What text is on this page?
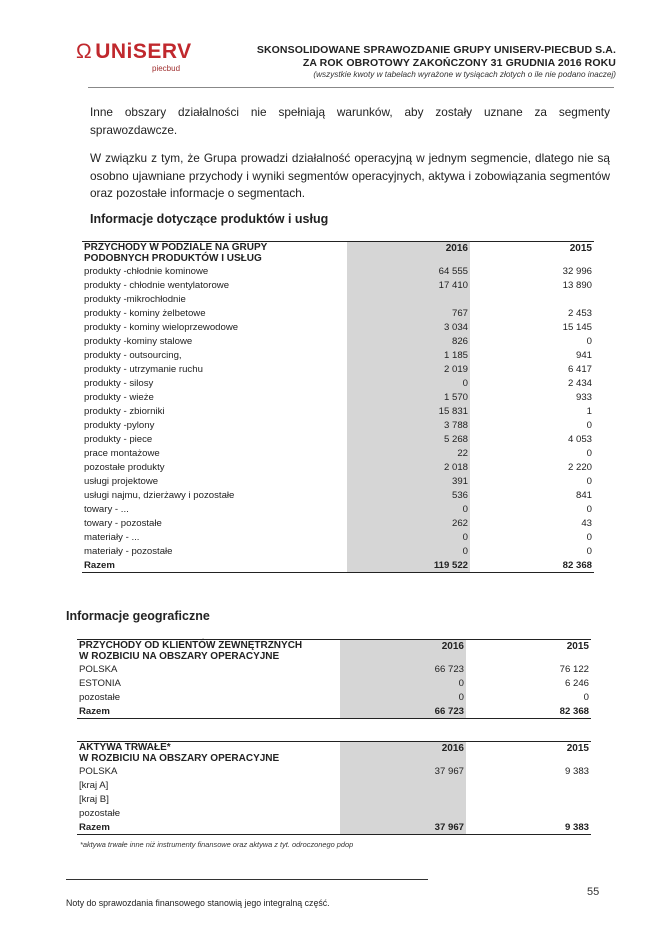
Ω UNiSERV
piecbud
SKONSOLIDOWANE SPRAWOZDANIE GRUPY UNISERV-PIECBUD S.A.
ZA ROK OBROTOWY ZAKOŃCZONY 31 GRUDNIA 2016 ROKU
(wszystkie kwoty w tabelach wyrażone w tysiącach złotych o ile nie podano inaczej)
Inne obszary działalności nie spełniają warunków, aby zostały uznane za segmenty sprawozdawcze.
W związku z tym, że Grupa prowadzi działalność operacyjną w jednym segmencie, dlatego nie są osobno ujawniane przychody i wyniki segmentów operacyjnych, aktywa i zobowiązania segmentów oraz pozostałe informacje o segmentach.
Informacje dotyczące produktów i usług
PRZYCHODY W PODZIALE NA GRUPY
PODOBNYCH PRODUKTÓW I USŁUG	2016	2015
produkty -chłodnie kominowe	64 555	32 996
produkty - chłodnie wentylatorowe	17 410	13 890
produkty -mikrochłodnie		
produkty - kominy żelbetowe	767	2 453
produkty - kominy wieloprzewodowe	3 034	15 145
produkty -kominy stalowe	826	0
produkty - outsourcing,	1 185	941
produkty - utrzymanie ruchu	2 019	6 417
produkty - silosy	0	2 434
produkty - wieże	1 570	933
produkty - zbiorniki	15 831	1
produkty -pylony	3 788	0
produkty - piece	5 268	4 053
prace montażowe	22	0
pozostałe produkty	2 018	2 220
usługi projektowe	391	0
usługi najmu, dzierżawy i pozostałe	536	841
towary - ...	0	0
towary - pozostałe	262	43
materiały - ...	0	0
materiały - pozostałe	0	0
Razem	119 522	82 368
Informacje geograficzne
PRZYCHODY OD KLIENTÓW ZEWNĘTRZNYCH
W ROZBICIU NA OBSZARY OPERACYJNE	2016	2015
POLSKA	66 723	76 122
ESTONIA	0	6 246
pozostałe	0	0
Razem	66 723	82 368
AKTYWA TRWAŁE*
W ROZBICIU NA OBSZARY OPERACYJNE	2016	2015
POLSKA	37 967	9 383
[kraj A]		
[kraj B]		
pozostałe		
Razem	37 967	9 383
*aktywa trwałe inne niż instrumenty finansowe oraz aktywa z tyt. odroczonego pdop
Noty do sprawozdania finansowego stanowią jego integralną część.
55
